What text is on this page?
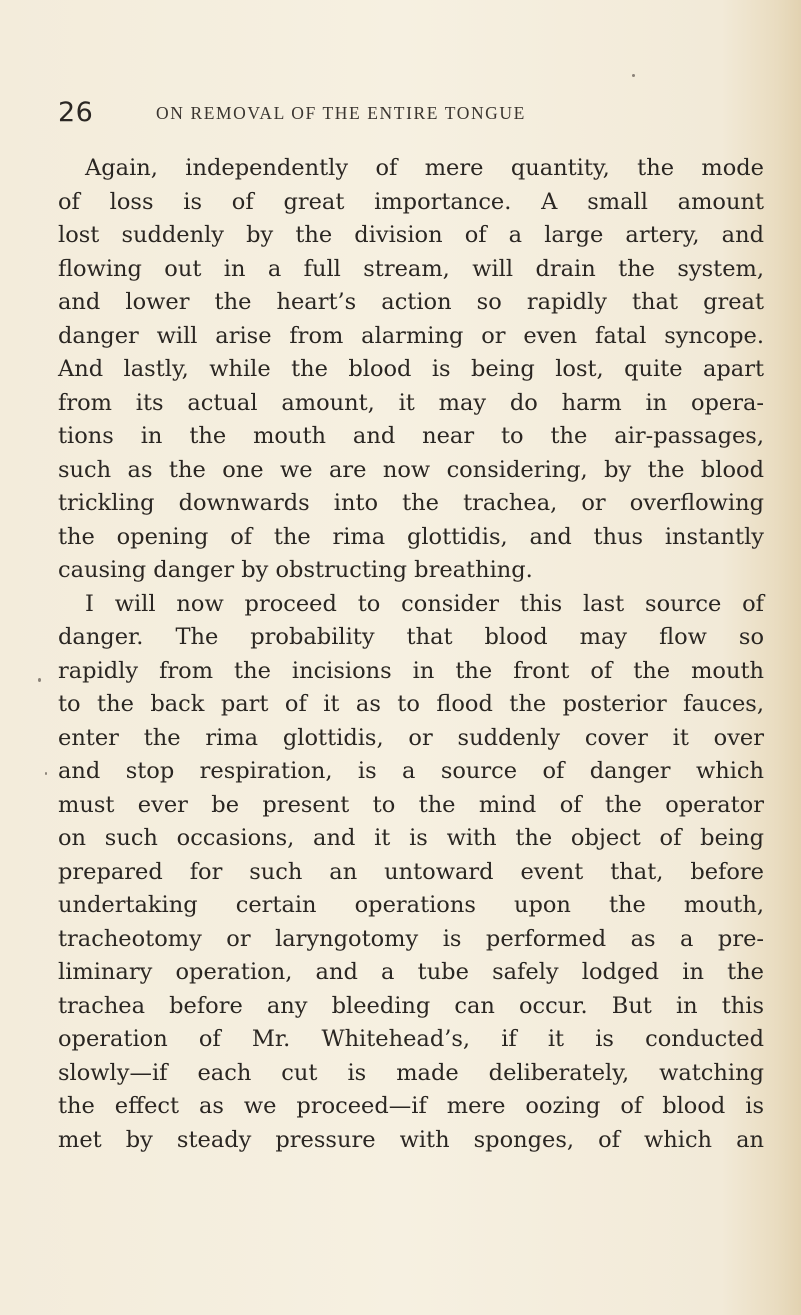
26	ON REMOVAL OF THE ENTIRE TONGUE
Again, independently of mere quantity, the mode
of loss is of great importance. A small amount
lost suddenly by the division of a large artery, and
flowing out in a full stream, will drain the system,
and lower the heart’s action so rapidly that great
danger will arise from alarming or even fatal syncope.
And lastly, while the blood is being lost, quite apart
from its actual amount, it may do harm in opera-
tions in the mouth and near to the air-passages,
such as the one we are now considering, by the blood
trickling downwards into the trachea, or overflowing
the opening of the rima glottidis, and thus instantly
causing danger by obstructing breathing.
I will now proceed to consider this last source of
danger. The probability that blood may flow so
rapidly from the incisions in the front of the mouth
to the back part of it as to flood the posterior fauces,
enter the rima glottidis, or suddenly cover it over
and stop respiration, is a source of danger which
must ever be present to the mind of the operator
on such occasions, and it is with the object of being
prepared for such an untoward event that, before
undertaking certain operations upon the mouth,
tracheotomy or laryngotomy is performed as a pre-
liminary operation, and a tube safely lodged in the
trachea before any bleeding can occur. But in this
operation of Mr. Whitehead’s, if it is conducted
slowly—if each cut is made deliberately, watching
the effect as we proceed—if mere oozing of blood is
met by steady pressure with sponges, of which an
